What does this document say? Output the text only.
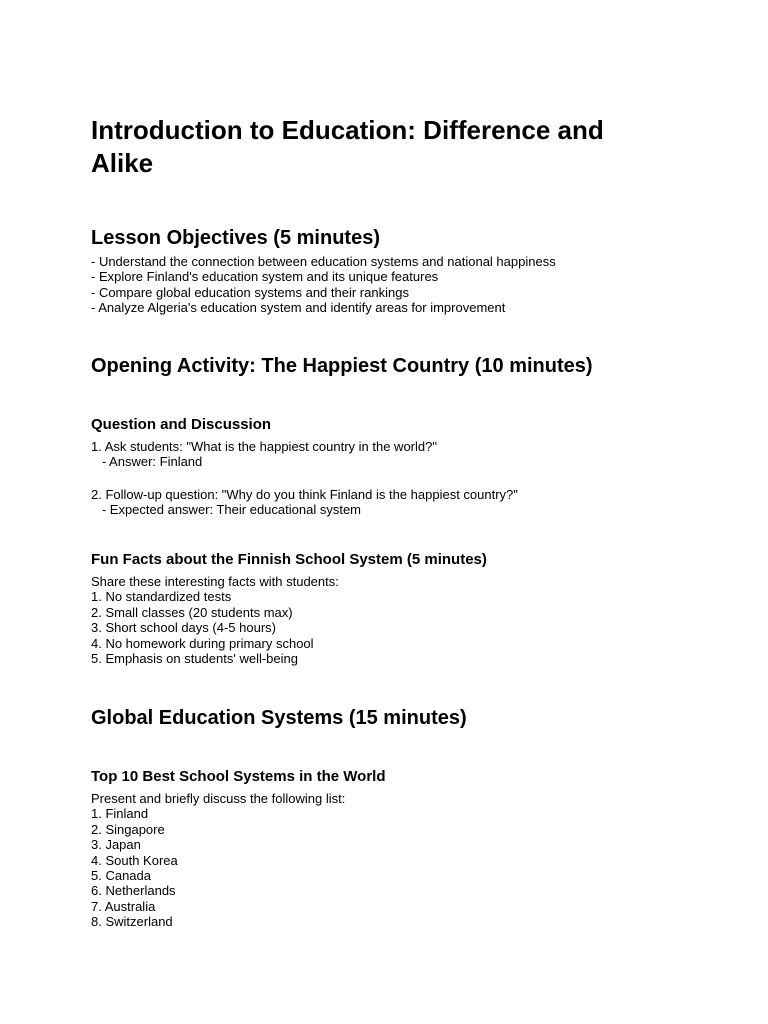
Introduction to Education: Difference and Alike
Lesson Objectives (5 minutes)
- Understand the connection between education systems and national happiness
- Explore Finland's education system and its unique features
- Compare global education systems and their rankings
- Analyze Algeria's education system and identify areas for improvement
Opening Activity: The Happiest Country (10 minutes)
Question and Discussion
1. Ask students: "What is the happiest country in the world?"
- Answer: Finland
2. Follow-up question: "Why do you think Finland is the happiest country?"
- Expected answer: Their educational system
Fun Facts about the Finnish School System (5 minutes)
Share these interesting facts with students:
1. No standardized tests
2. Small classes (20 students max)
3. Short school days (4-5 hours)
4. No homework during primary school
5. Emphasis on students' well-being
Global Education Systems (15 minutes)
Top 10 Best School Systems in the World
Present and briefly discuss the following list:
1. Finland
2. Singapore
3. Japan
4. South Korea
5. Canada
6. Netherlands
7. Australia
8. Switzerland
